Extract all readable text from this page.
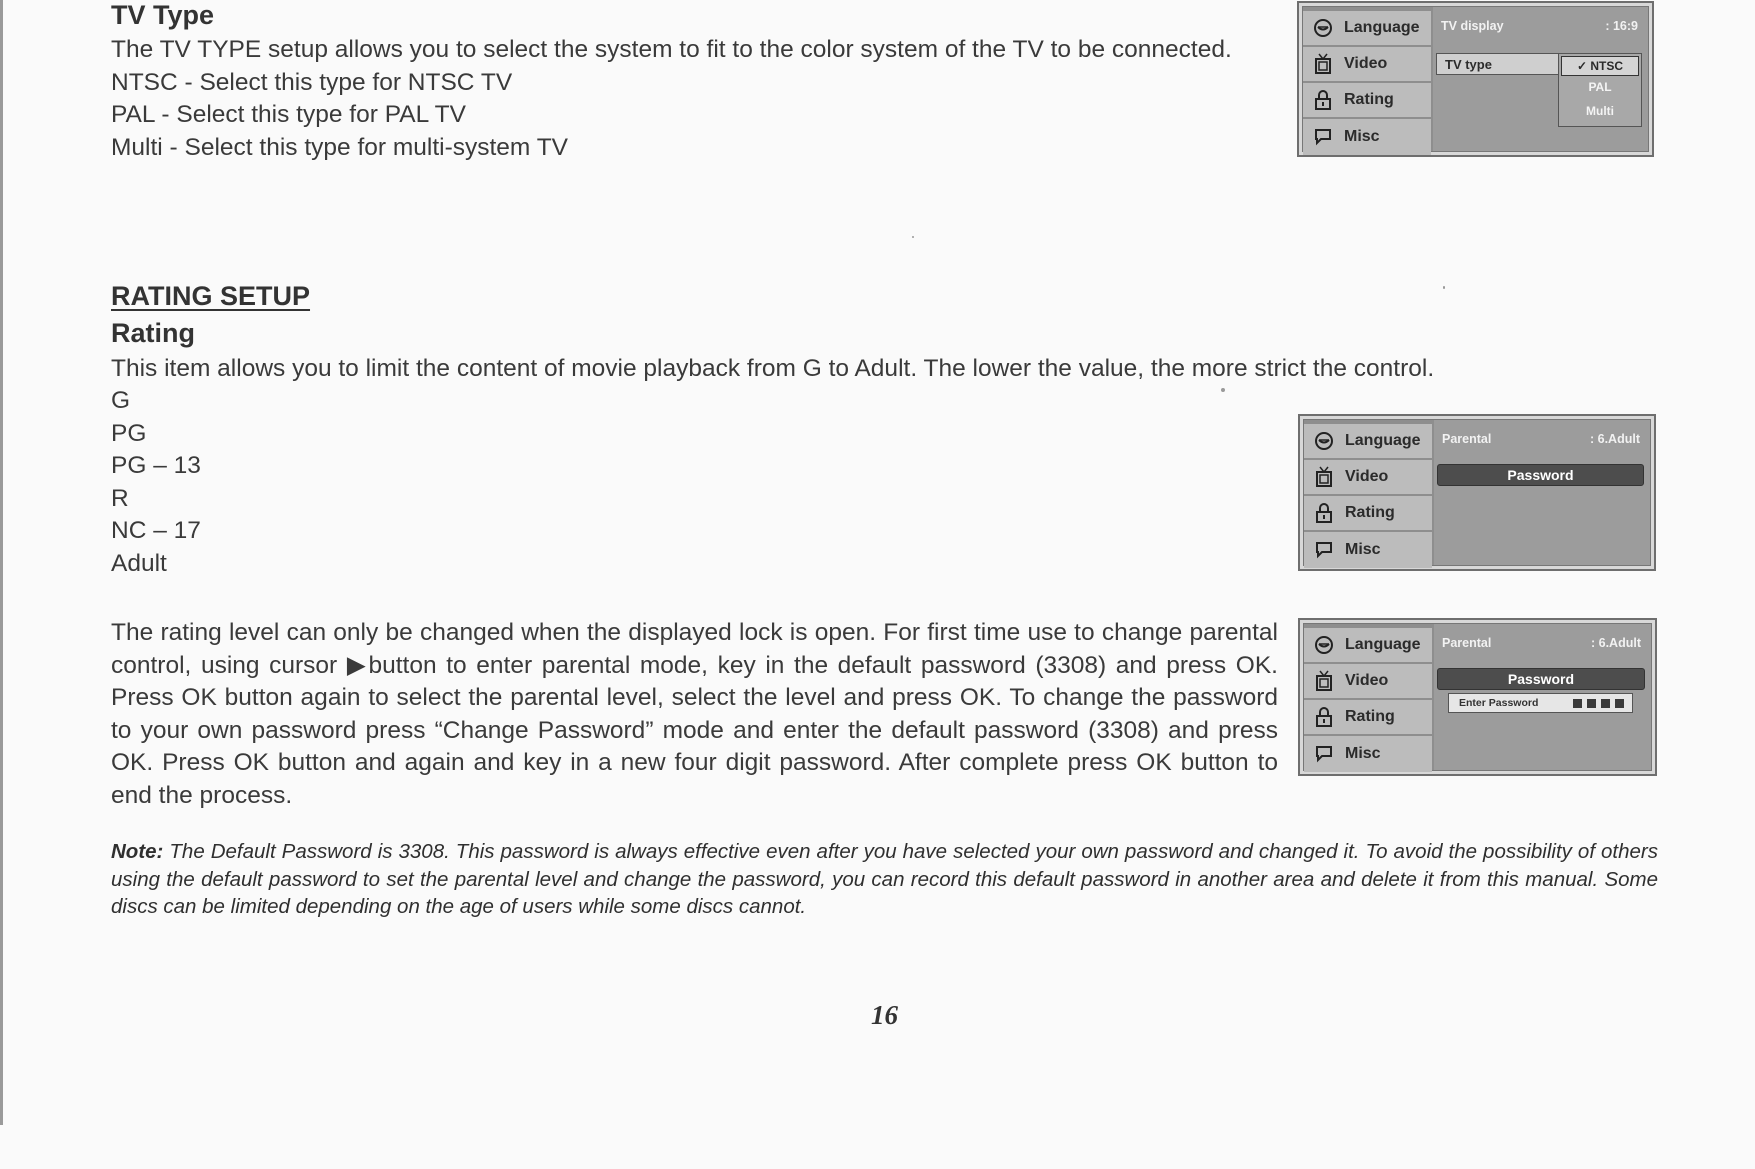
TV Type
The TV TYPE setup allows you to select the system to fit to the color system of the TV to be connected.
NTSC - Select this type for NTSC TV
PAL - Select this type for PAL TV
Multi - Select this type for multi-system TV
Language
Video
Rating
Misc
TV display	: 16:9
TV type	✓ NTSC
PAL
Multi
RATING SETUP
Rating
This item allows you to limit the content of movie playback from G to Adult. The lower the value, the more strict the control.
G
PG
PG – 13
R
NC – 17
Adult
Language
Video
Rating
Misc
Parental	: 6.Adult
Password
The rating level can only be changed when the displayed lock is open. For first time use to change parental control, using cursor ▶button to enter parental mode, key in the default password (3308) and press OK. Press OK button again to select the parental level, select the level and press OK. To change the password to your own password press “Change Password” mode and enter the default password (3308) and press OK. Press OK button and again and key in a new four digit password. After complete press OK button to end the process.
Language
Video
Rating
Misc
Parental	: 6.Adult
Password
Enter Password
Note: The Default Password is 3308. This password is always effective even after you have selected your own password and changed it. To avoid the possibility of others using the default password to set the parental level and change the password, you can record this default password in another area and delete it from this manual. Some discs can be limited depending on the age of users while some discs cannot.
16
